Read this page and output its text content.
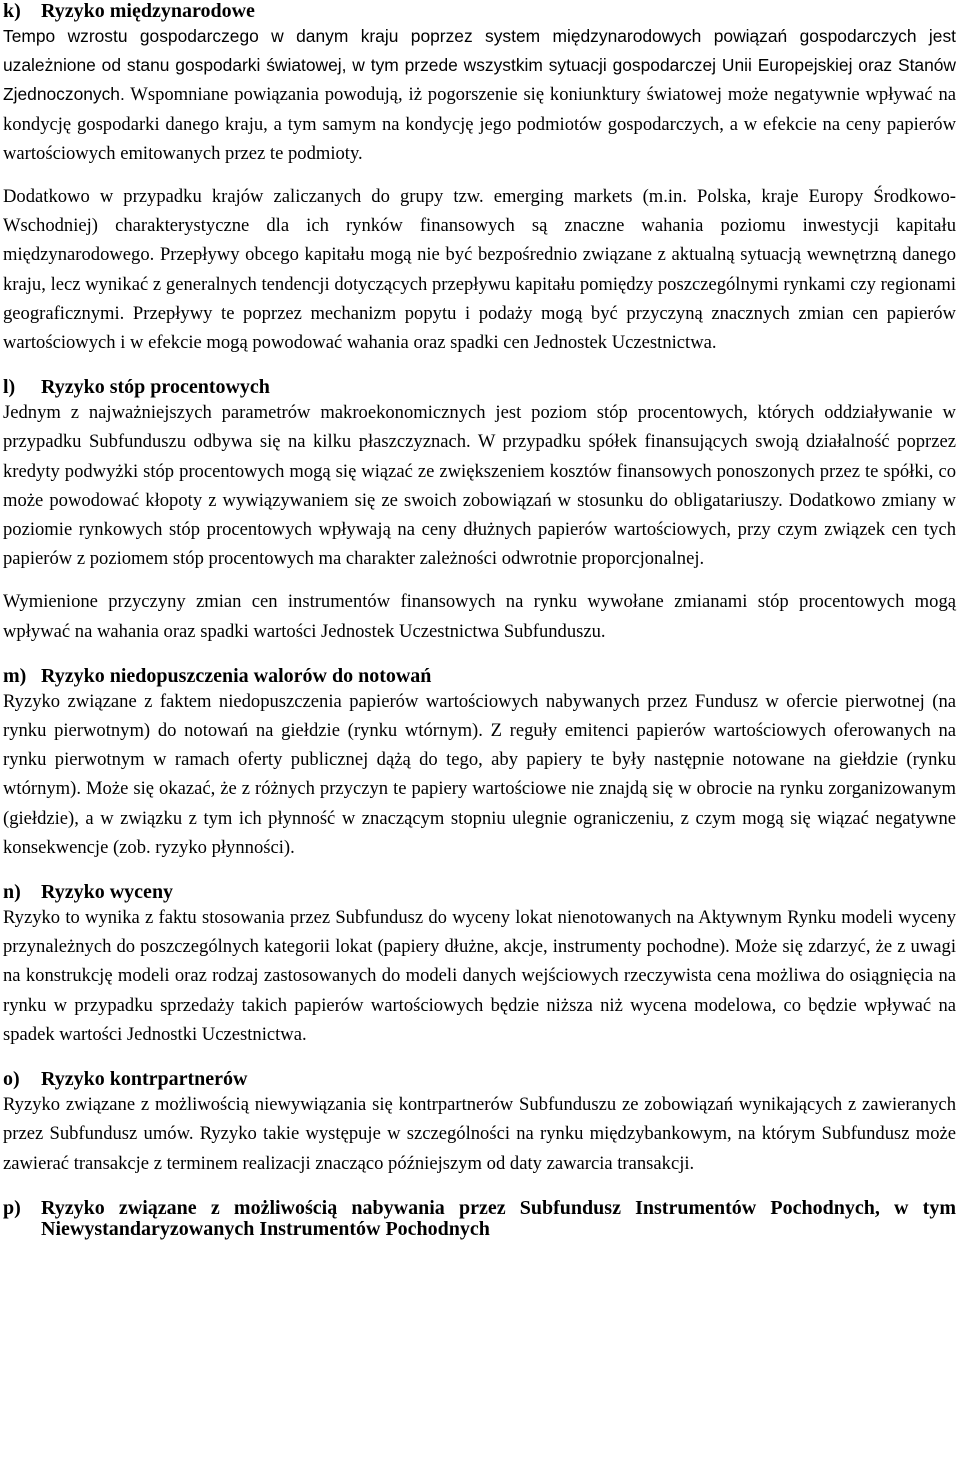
k)	Ryzyko międzynarodowe

Tempo wzrostu gospodarczego w danym kraju poprzez system międzynarodowych powiązań gospodarczych jest uzależnione od stanu gospodarki światowej, w tym przede wszystkim sytuacji gospodarczej Unii Europejskiej oraz Stanów Zjednoczonych. Wspomniane powiązania powodują, iż pogorszenie się koniunktury światowej może negatywnie wpływać na kondycję gospodarki danego kraju, a tym samym na kondycję jego podmiotów gospodarczych, a w efekcie na ceny papierów wartościowych emitowanych przez te podmioty.

Dodatkowo w przypadku krajów zaliczanych do grupy tzw. emerging markets (m.in. Polska, kraje Europy Środkowo-Wschodniej) charakterystyczne dla ich rynków finansowych są znaczne wahania poziomu inwestycji kapitału międzynarodowego. Przepływy obcego kapitału mogą nie być bezpośrednio związane z aktualną sytuacją wewnętrzną danego kraju, lecz wynikać z generalnych tendencji dotyczących przepływu kapitału pomiędzy poszczególnymi rynkami czy regionami geograficznymi. Przepływy te poprzez mechanizm popytu i podaży mogą być przyczyną znacznych zmian cen papierów wartościowych i w efekcie mogą powodować wahania oraz spadki cen Jednostek Uczestnictwa.

l)	Ryzyko stóp procentowych

Jednym z najważniejszych parametrów makroekonomicznych jest poziom stóp procentowych, których oddziaływanie w przypadku Subfunduszu odbywa się na kilku płaszczyznach. W przypadku spółek finansujących swoją działalność poprzez kredyty podwyżki stóp procentowych mogą się wiązać ze zwiększeniem kosztów finansowych ponoszonych przez te spółki, co może powodować kłopoty z wywiązywaniem się ze swoich zobowiązań w stosunku do obligatariuszy. Dodatkowo zmiany w poziomie rynkowych stóp procentowych wpływają na ceny dłużnych papierów wartościowych, przy czym związek cen tych papierów z poziomem stóp procentowych ma charakter zależności odwrotnie proporcjonalnej.

Wymienione przyczyny zmian cen instrumentów finansowych na rynku wywołane zmianami stóp procentowych mogą wpływać na wahania oraz spadki wartości Jednostek Uczestnictwa Subfunduszu.

m) Ryzyko niedopuszczenia walorów do notowań

Ryzyko związane z faktem niedopuszczenia papierów wartościowych nabywanych przez Fundusz w ofercie pierwotnej (na rynku pierwotnym) do notowań na giełdzie (rynku wtórnym). Z reguły emitenci papierów wartościowych oferowanych na rynku pierwotnym w ramach oferty publicznej dążą do tego, aby papiery te były następnie notowane na giełdzie (rynku wtórnym). Może się okazać, że z różnych przyczyn te papiery wartościowe nie znajdą się w obrocie na rynku zorganizowanym (giełdzie), a w związku z tym ich płynność w znaczącym stopniu ulegnie ograniczeniu, z czym mogą się wiązać negatywne konsekwencje (zob. ryzyko płynności).

n)	Ryzyko wyceny

Ryzyko to wynika z faktu stosowania przez Subfundusz do wyceny lokat nienotowanych na Aktywnym Rynku modeli wyceny przynależnych do poszczególnych kategorii lokat (papiery dłużne, akcje, instrumenty pochodne). Może się zdarzyć, że z uwagi na konstrukcję modeli oraz rodzaj zastosowanych do modeli danych wejściowych rzeczywista cena możliwa do osiągnięcia na rynku w przypadku sprzedaży takich papierów wartościowych będzie niższa niż wycena modelowa, co będzie wpływać na spadek wartości Jednostki Uczestnictwa.

o)	Ryzyko kontrpartnerów

Ryzyko związane z możliwością niewywiązania się kontrpartnerów Subfunduszu ze zobowiązań wynikających z zawieranych przez Subfundusz umów. Ryzyko takie występuje w szczególności na rynku międzybankowym, na którym Subfundusz może zawierać transakcje z terminem realizacji znacząco późniejszym od daty zawarcia transakcji.

p)	Ryzyko związane z możliwością nabywania przez Subfundusz Instrumentów Pochodnych, w tym Niewystandaryzowanych Instrumentów Pochodnych
